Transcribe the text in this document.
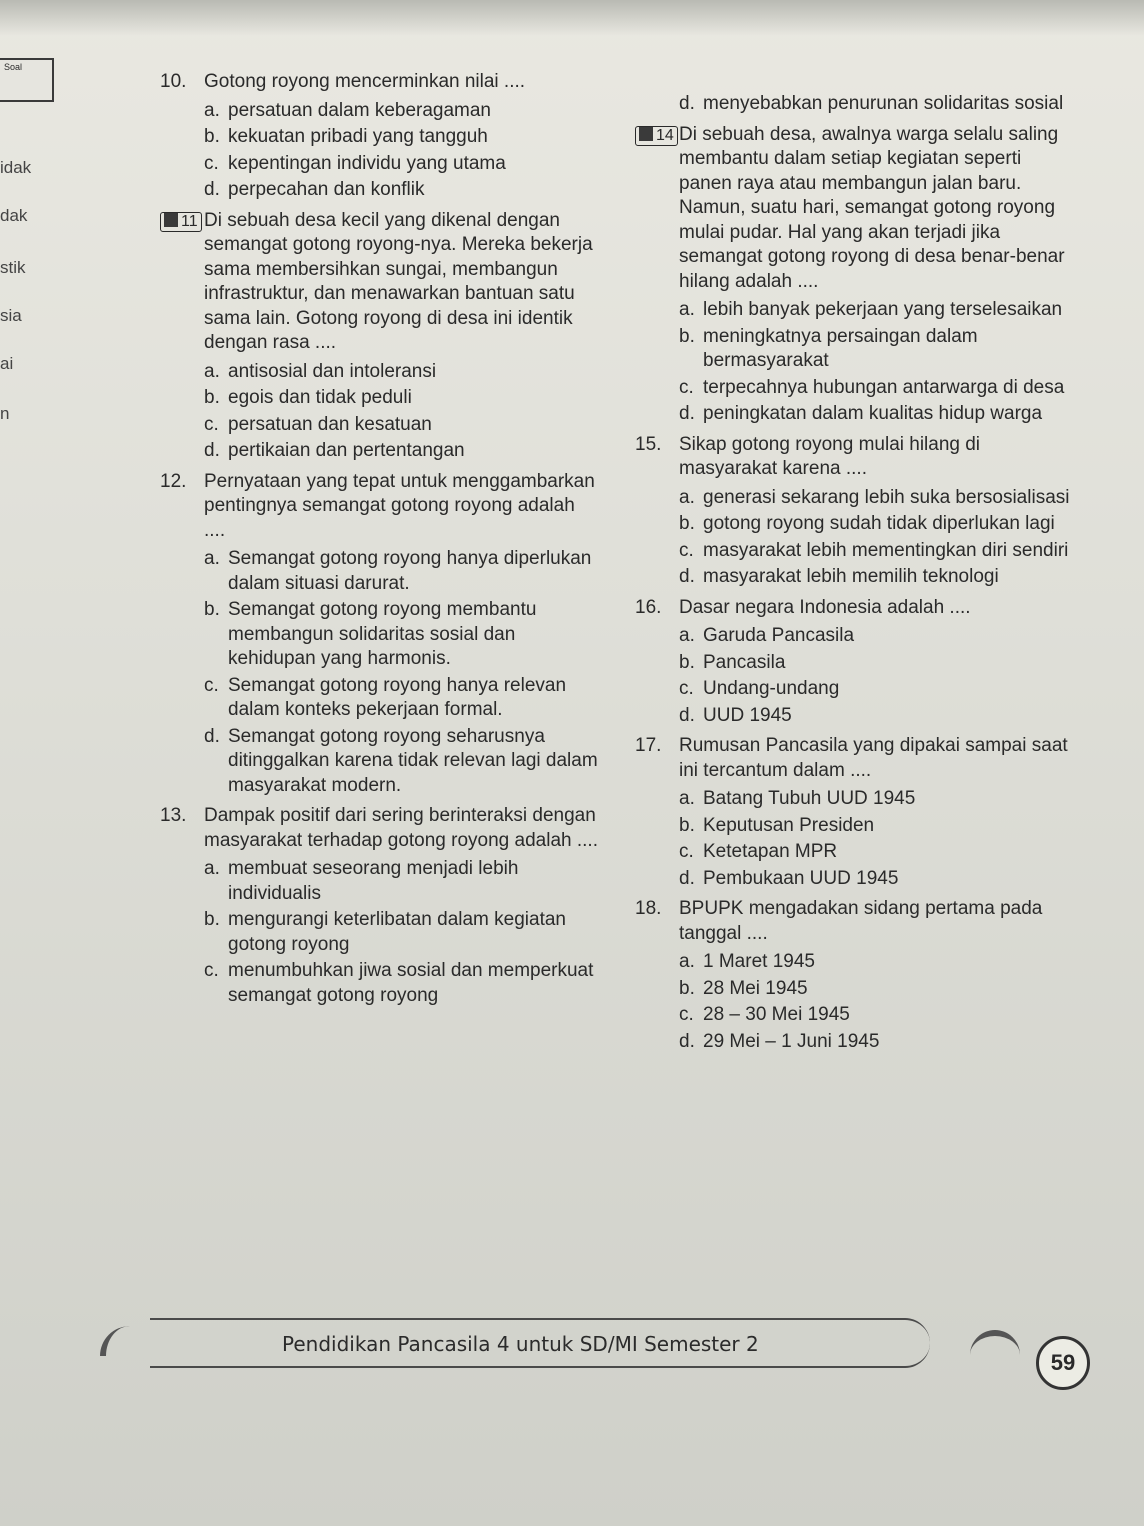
Soal
idak
dak
stik
sia
ai
n
10. Gotong royong mencerminkan nilai ....
a. persatuan dalam keberagaman
b. kekuatan pribadi yang tangguh
c. kepentingan individu yang utama
d. perpecahan dan konflik
11 Di sebuah desa kecil yang dikenal dengan semangat gotong royong-nya. Mereka bekerja sama membersihkan sungai, membangun infrastruktur, dan menawarkan bantuan satu sama lain. Gotong royong di desa ini identik dengan rasa ....
a. antisosial dan intoleransi
b. egois dan tidak peduli
c. persatuan dan kesatuan
d. pertikaian dan pertentangan
12. Pernyataan yang tepat untuk menggambarkan pentingnya semangat gotong royong adalah ....
a. Semangat gotong royong hanya diperlukan dalam situasi darurat.
b. Semangat gotong royong membantu membangun solidaritas sosial dan kehidupan yang harmonis.
c. Semangat gotong royong hanya relevan dalam konteks pekerjaan formal.
d. Semangat gotong royong seharusnya ditinggalkan karena tidak relevan lagi dalam masyarakat modern.
13. Dampak positif dari sering berinteraksi dengan masyarakat terhadap gotong royong adalah ....
a. membuat seseorang menjadi lebih individualis
b. mengurangi keterlibatan dalam kegiatan gotong royong
c. menumbuhkan jiwa sosial dan memperkuat semangat gotong royong
d. menyebabkan penurunan solidaritas sosial
14 Di sebuah desa, awalnya warga selalu saling membantu dalam setiap kegiatan seperti panen raya atau membangun jalan baru. Namun, suatu hari, semangat gotong royong mulai pudar. Hal yang akan terjadi jika semangat gotong royong di desa benar-benar hilang adalah ....
a. lebih banyak pekerjaan yang terselesaikan
b. meningkatnya persaingan dalam bermasyarakat
c. terpecahnya hubungan antarwarga di desa
d. peningkatan dalam kualitas hidup warga
15. Sikap gotong royong mulai hilang di masyarakat karena ....
a. generasi sekarang lebih suka bersosialisasi
b. gotong royong sudah tidak diperlukan lagi
c. masyarakat lebih mementingkan diri sendiri
d. masyarakat lebih memilih teknologi
16. Dasar negara Indonesia adalah ....
a. Garuda Pancasila
b. Pancasila
c. Undang-undang
d. UUD 1945
17. Rumusan Pancasila yang dipakai sampai saat ini tercantum dalam ....
a. Batang Tubuh UUD 1945
b. Keputusan Presiden
c. Ketetapan MPR
d. Pembukaan UUD 1945
18. BPUPK mengadakan sidang pertama pada tanggal ....
a. 1 Maret 1945
b. 28 Mei 1945
c. 28 – 30 Mei 1945
d. 29 Mei – 1 Juni 1945
Pendidikan Pancasila 4 untuk SD/MI Semester 2
59
